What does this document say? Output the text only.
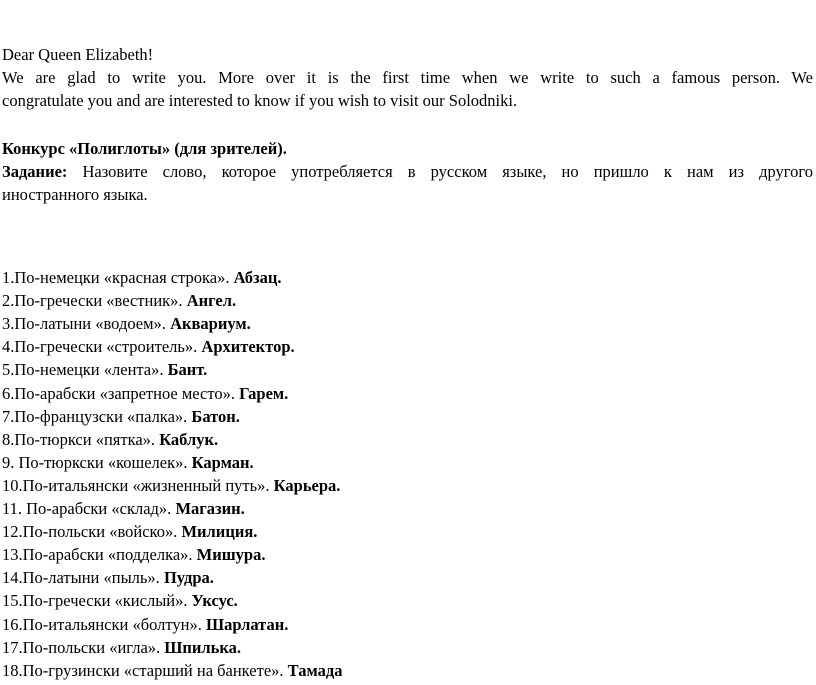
Dear Queen Elizabeth!
We are glad to write you. More over it is the first time when we write to such a famous person. We
congratulate you and are interested to know if you wish to visit our Solodniki.
Конкурс «Полиглоты» (для зрителей).
Задание: Назовите слово, которое употребляется в русском языке, но пришло к нам из другого
иностранного языка.
1.По-немецки «красная строка». Абзац.
2.По-гречески «вестник». Ангел.
3.По-латыни «водоем». Аквариум.
4.По-гречески «строитель». Архитектор.
5.По-немецки «лента». Бант.
6.По-арабски «запретное место». Гарем.
7.По-французски «палка». Батон.
8.По-тюркси «пятка». Каблук.
9. По-тюркски «кошелек». Карман.
10.По-итальянски «жизненный путь». Карьера.
11. По-арабски «склад». Магазин.
12.По-польски «войско». Милиция.
13.По-арабски «подделка». Мишура.
14.По-латыни «пыль». Пудра.
15.По-гречески «кислый». Уксус.
16.По-итальянски «болтун». Шарлатан.
17.По-польски «игла». Шпилька.
18.По-грузински «старший на банкете». Тамада
